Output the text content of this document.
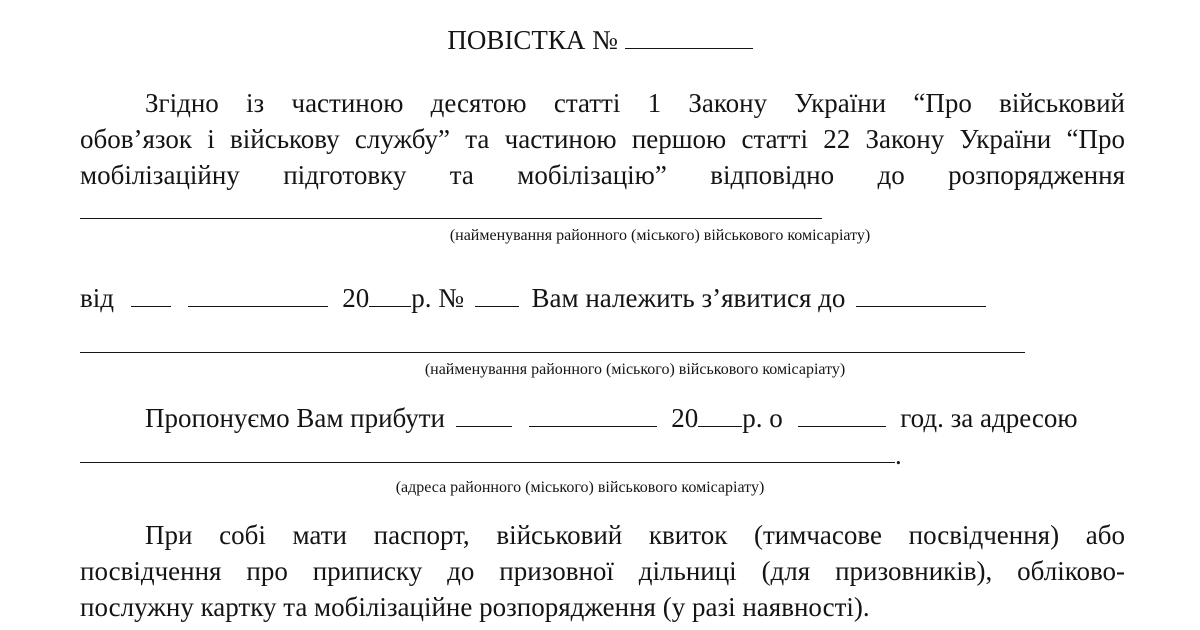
ПОВІСТКА №
Згідно із частиною десятою статті 1 Закону України “Про військовий
обов’язок і військову службу” та частиною першою статті 22 Закону України “Про
мобілізаційну підготовку та мобілізацію” відповідно до розпорядження
(найменування районного (міського) військового комісаріату)
від	20 р. №	Вам належить з’явитися до
(найменування районного (міського) військового комісаріату)
Пропонуємо Вам прибути	20 р. о	год. за адресою
.
(адреса районного (міського) військового комісаріату)
При собі мати паспорт, військовий квиток (тимчасове посвідчення) або
посвідчення про приписку до призовної дільниці (для призовників), обліково-
послужну картку та мобілізаційне розпорядження (у разі наявності).
